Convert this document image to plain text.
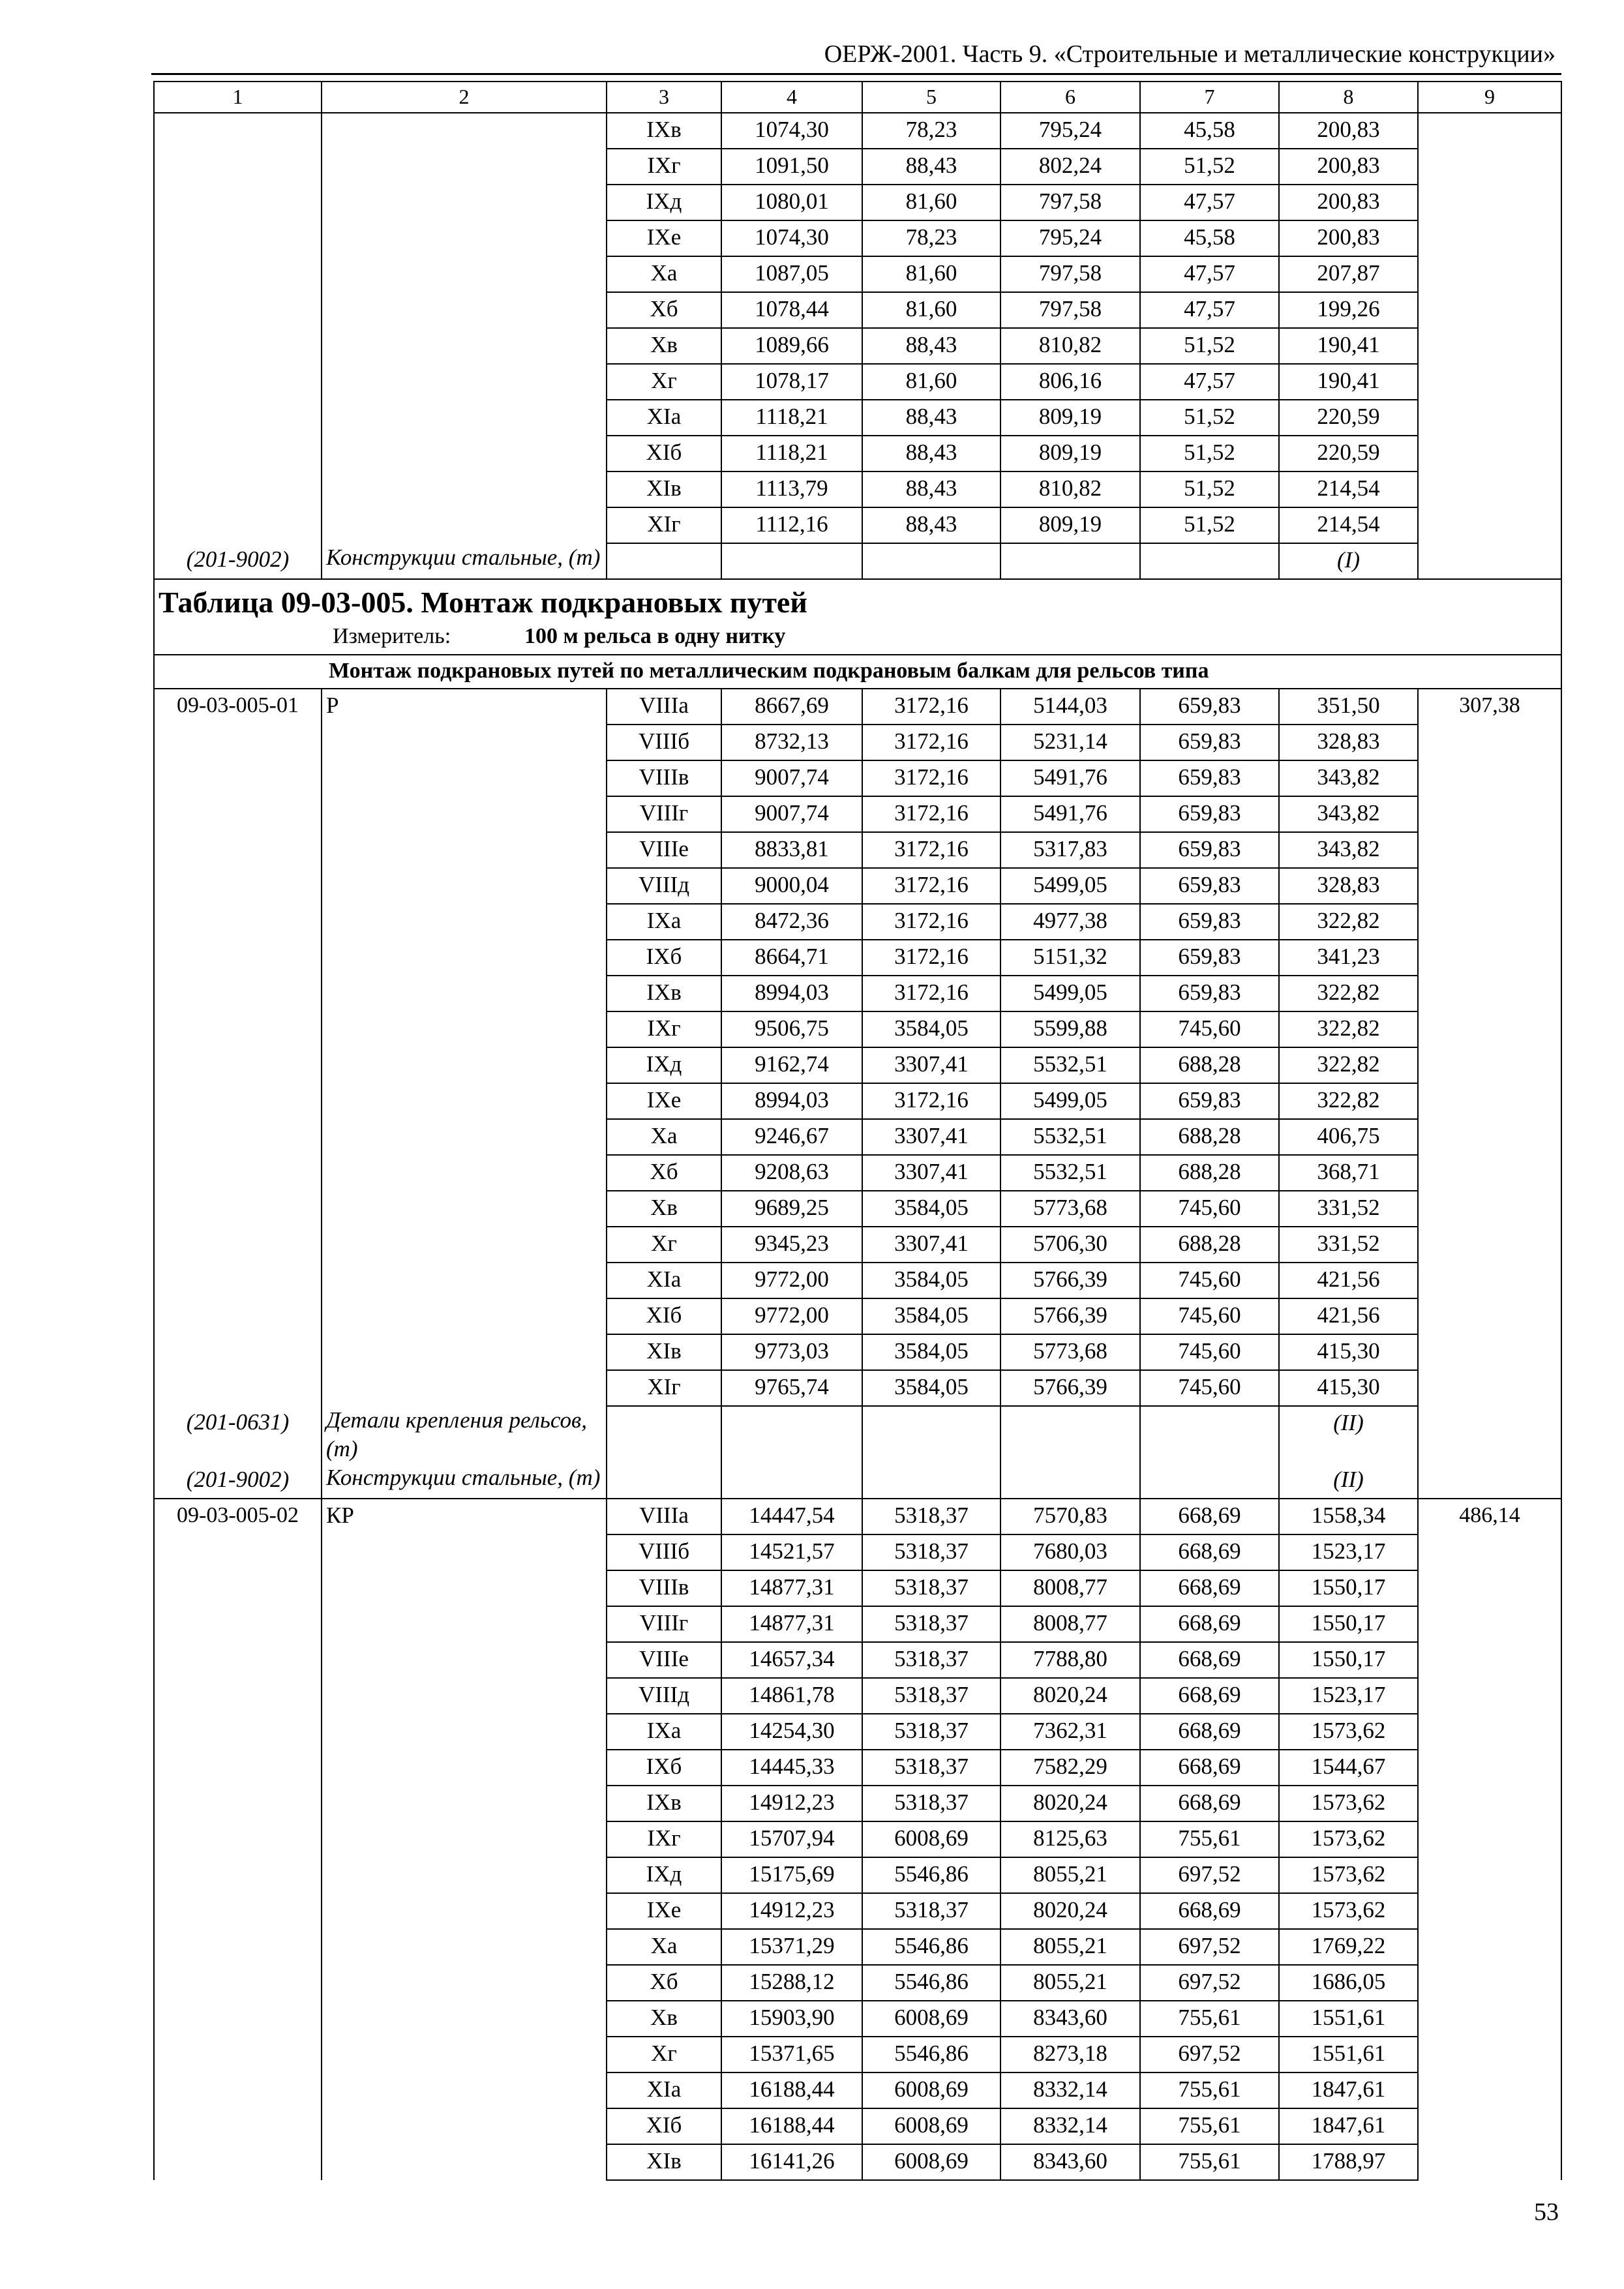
ОЕРЖ-2001. Часть 9. «Строительные и металлические конструкции»
1	2	3	4	5	6	7	8	9
		IXв	1074,30	78,23	795,24	45,58	200,83	
		IXг	1091,50	88,43	802,24	51,52	200,83	
		IXд	1080,01	81,60	797,58	47,57	200,83	
		IXе	1074,30	78,23	795,24	45,58	200,83	
		Xа	1087,05	81,60	797,58	47,57	207,87	
		Xб	1078,44	81,60	797,58	47,57	199,26	
		Xв	1089,66	88,43	810,82	51,52	190,41	
		Xг	1078,17	81,60	806,16	47,57	190,41	
		XIа	1118,21	88,43	809,19	51,52	220,59	
		XIб	1118,21	88,43	809,19	51,52	220,59	
		XIв	1113,79	88,43	810,82	51,52	214,54	
		XIг	1112,16	88,43	809,19	51,52	214,54	
(201-9002)	Конструкции стальные, (т)						(I)	

Таблица 09-03-005. Монтаж подкрановых путей
Измеритель: 100 м рельса в одну нитку								

Монтаж подкрановых путей по металлическим подкрановым балкам для рельсов типа								
09-03-005-01	Р	VIIIа	8667,69	3172,16	5144,03	659,83	351,50	307,38
		VIIIб	8732,13	3172,16	5231,14	659,83	328,83	
		VIIIв	9007,74	3172,16	5491,76	659,83	343,82	
		VIIIг	9007,74	3172,16	5491,76	659,83	343,82	
		VIIIе	8833,81	3172,16	5317,83	659,83	343,82	
		VIIIд	9000,04	3172,16	5499,05	659,83	328,83	
		IXа	8472,36	3172,16	4977,38	659,83	322,82	
		IXб	8664,71	3172,16	5151,32	659,83	341,23	
		IXв	8994,03	3172,16	5499,05	659,83	322,82	
		IXг	9506,75	3584,05	5599,88	745,60	322,82	
		IXд	9162,74	3307,41	5532,51	688,28	322,82	
		IXе	8994,03	3172,16	5499,05	659,83	322,82	
		Xа	9246,67	3307,41	5532,51	688,28	406,75	
		Xб	9208,63	3307,41	5532,51	688,28	368,71	
		Xв	9689,25	3584,05	5773,68	745,60	331,52	
		Xг	9345,23	3307,41	5706,30	688,28	331,52	
		XIа	9772,00	3584,05	5766,39	745,60	421,56	
		XIб	9772,00	3584,05	5766,39	745,60	421,56	
		XIв	9773,03	3584,05	5773,68	745,60	415,30	
		XIг	9765,74	3584,05	5766,39	745,60	415,30	
(201-0631)	Детали крепления рельсов, (т)						(II)	
(201-9002)	Конструкции стальные, (т)						(II)	
09-03-005-02	КР	VIIIа	14447,54	5318,37	7570,83	668,69	1558,34	486,14
		VIIIб	14521,57	5318,37	7680,03	668,69	1523,17	
		VIIIв	14877,31	5318,37	8008,77	668,69	1550,17	
		VIIIг	14877,31	5318,37	8008,77	668,69	1550,17	
		VIIIе	14657,34	5318,37	7788,80	668,69	1550,17	
		VIIIд	14861,78	5318,37	8020,24	668,69	1523,17	
		IXа	14254,30	5318,37	7362,31	668,69	1573,62	
		IXб	14445,33	5318,37	7582,29	668,69	1544,67	
		IXв	14912,23	5318,37	8020,24	668,69	1573,62	
		IXг	15707,94	6008,69	8125,63	755,61	1573,62	
		IXд	15175,69	5546,86	8055,21	697,52	1573,62	
		IXе	14912,23	5318,37	8020,24	668,69	1573,62	
		Xа	15371,29	5546,86	8055,21	697,52	1769,22	
		Xб	15288,12	5546,86	8055,21	697,52	1686,05	
		Xв	15903,90	6008,69	8343,60	755,61	1551,61	
		Xг	15371,65	5546,86	8273,18	697,52	1551,61	
		XIа	16188,44	6008,69	8332,14	755,61	1847,61	
		XIб	16188,44	6008,69	8332,14	755,61	1847,61	
		XIв	16141,26	6008,69	8343,60	755,61	1788,97	
53
